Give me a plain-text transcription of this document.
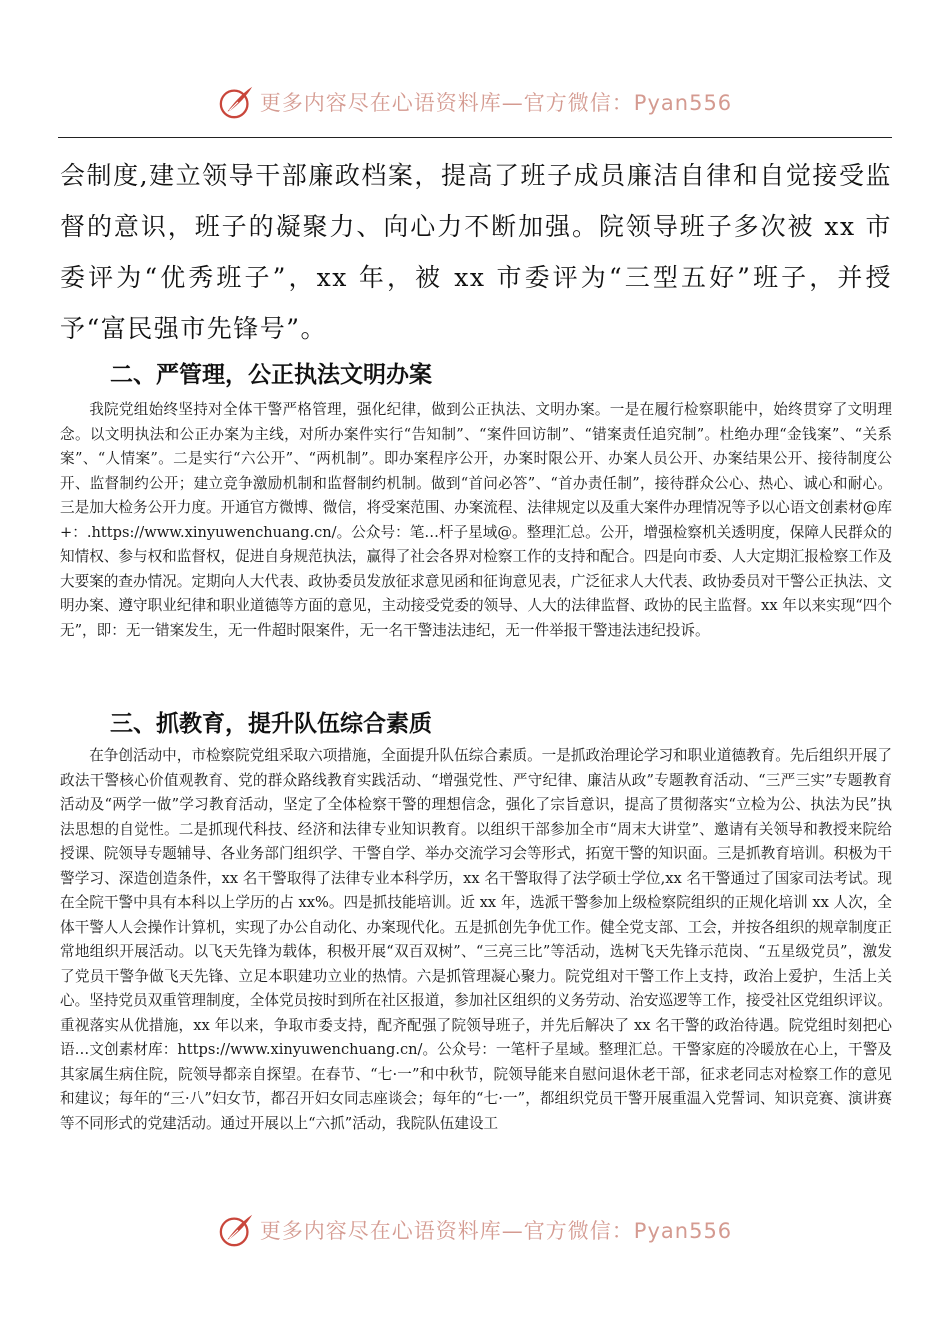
更多内容尽在心语资料库—官方微信：Pyan556

会制度,建立领导干部廉政档案，提高了班子成员廉洁自律和自觉接受监督的意识，班子的凝聚力、向心力不断加强。院领导班子多次被 xx 市委评为“优秀班子”，xx 年，被 xx 市委评为“三型五好”班子，并授予“富民强市先锋号”。

二、严管理，公正执法文明办案

我院党组始终坚持对全体干警严格管理，强化纪律，做到公正执法、文明办案。一是在履行检察职能中，始终贯穿了文明理念。以文明执法和公正办案为主线，对所办案件实行“告知制”、“案件回访制”、“错案责任追究制”。杜绝办理“金钱案”、“关系案”、“人情案”。二是实行“六公开”、“两机制”。即办案程序公开，办案时限公开、办案人员公开、办案结果公开、接待制度公开、监督制约公开；建立竞争激励机制和监督制约机制。做到“首问必答”、“首办责任制”，接待群众公心、热心、诚心和耐心。三是加大检务公开力度。开通官方微博、微信，将受案范围、办案流程、法律规定以及重大案件办理情况等予以心语文创素材@库+：.https://www.xinyuwenchuang.cn/。公众号：笔…杆子星域@。整理汇总。公开，增强检察机关透明度，保障人民群众的知情权、参与权和监督权，促进自身规范执法，赢得了社会各界对检察工作的支持和配合。四是向市委、人大定期汇报检察工作及大要案的查办情况。定期向人大代表、政协委员发放征求意见函和征询意见表，广泛征求人大代表、政协委员对干警公正执法、文明办案、遵守职业纪律和职业道德等方面的意见，主动接受党委的领导、人大的法律监督、政协的民主监督。xx 年以来实现“四个无”，即：无一错案发生，无一件超时限案件，无一名干警违法违纪，无一件举报干警违法违纪投诉。

三、抓教育，提升队伍综合素质

在争创活动中，市检察院党组采取六项措施，全面提升队伍综合素质。一是抓政治理论学习和职业道德教育。先后组织开展了政法干警核心价值观教育、党的群众路线教育实践活动、“增强党性、严守纪律、廉洁从政”专题教育活动、“三严三实”专题教育活动及“两学一做”学习教育活动，坚定了全体检察干警的理想信念，强化了宗旨意识，提高了贯彻落实“立检为公、执法为民”执法思想的自觉性。二是抓现代科技、经济和法律专业知识教育。以组织干部参加全市“周末大讲堂”、邀请有关领导和教授来院给授课、院领导专题辅导、各业务部门组织学、干警自学、举办交流学习会等形式，拓宽干警的知识面。三是抓教育培训。积极为干警学习、深造创造条件，xx 名干警取得了法律专业本科学历，xx 名干警取得了法学硕士学位,xx 名干警通过了国家司法考试。现在全院干警中具有本科以上学历的占 xx%。四是抓技能培训。近 xx 年，选派干警参加上级检察院组织的正规化培训 xx 人次，全体干警人人会操作计算机，实现了办公自动化、办案现代化。五是抓创先争优工作。健全党支部、工会，并按各组织的规章制度正常地组织开展活动。以飞天先锋为载体，积极开展“双百双树”、“三亮三比”等活动，选树飞天先锋示范岗、“五星级党员”，激发了党员干警争做飞天先锋、立足本职建功立业的热情。六是抓管理凝心聚力。院党组对干警工作上支持，政治上爱护，生活上关心。坚持党员双重管理制度，全体党员按时到所在社区报道，参加社区组织的义务劳动、治安巡逻等工作，接受社区党组织评议。重视落实从优措施，xx 年以来，争取市委支持，配齐配强了院领导班子，并先后解决了 xx 名干警的政治待遇。院党组时刻把心语…文创素材库：https://www.xinyuwenchuang.cn/。公众号：一笔杆子星域。整理汇总。干警家庭的冷暖放在心上，干警及其家属生病住院，院领导都亲自探望。在春节、“七·一”和中秋节，院领导能来自慰问退休老干部，征求老同志对检察工作的意见和建议；每年的“三·八”妇女节，都召开妇女同志座谈会；每年的“七·一”，都组织党员干警开展重温入党誓词、知识竞赛、演讲赛等不同形式的党建活动。通过开展以上“六抓”活动，我院队伍建设工

更多内容尽在心语资料库—官方微信：Pyan556
